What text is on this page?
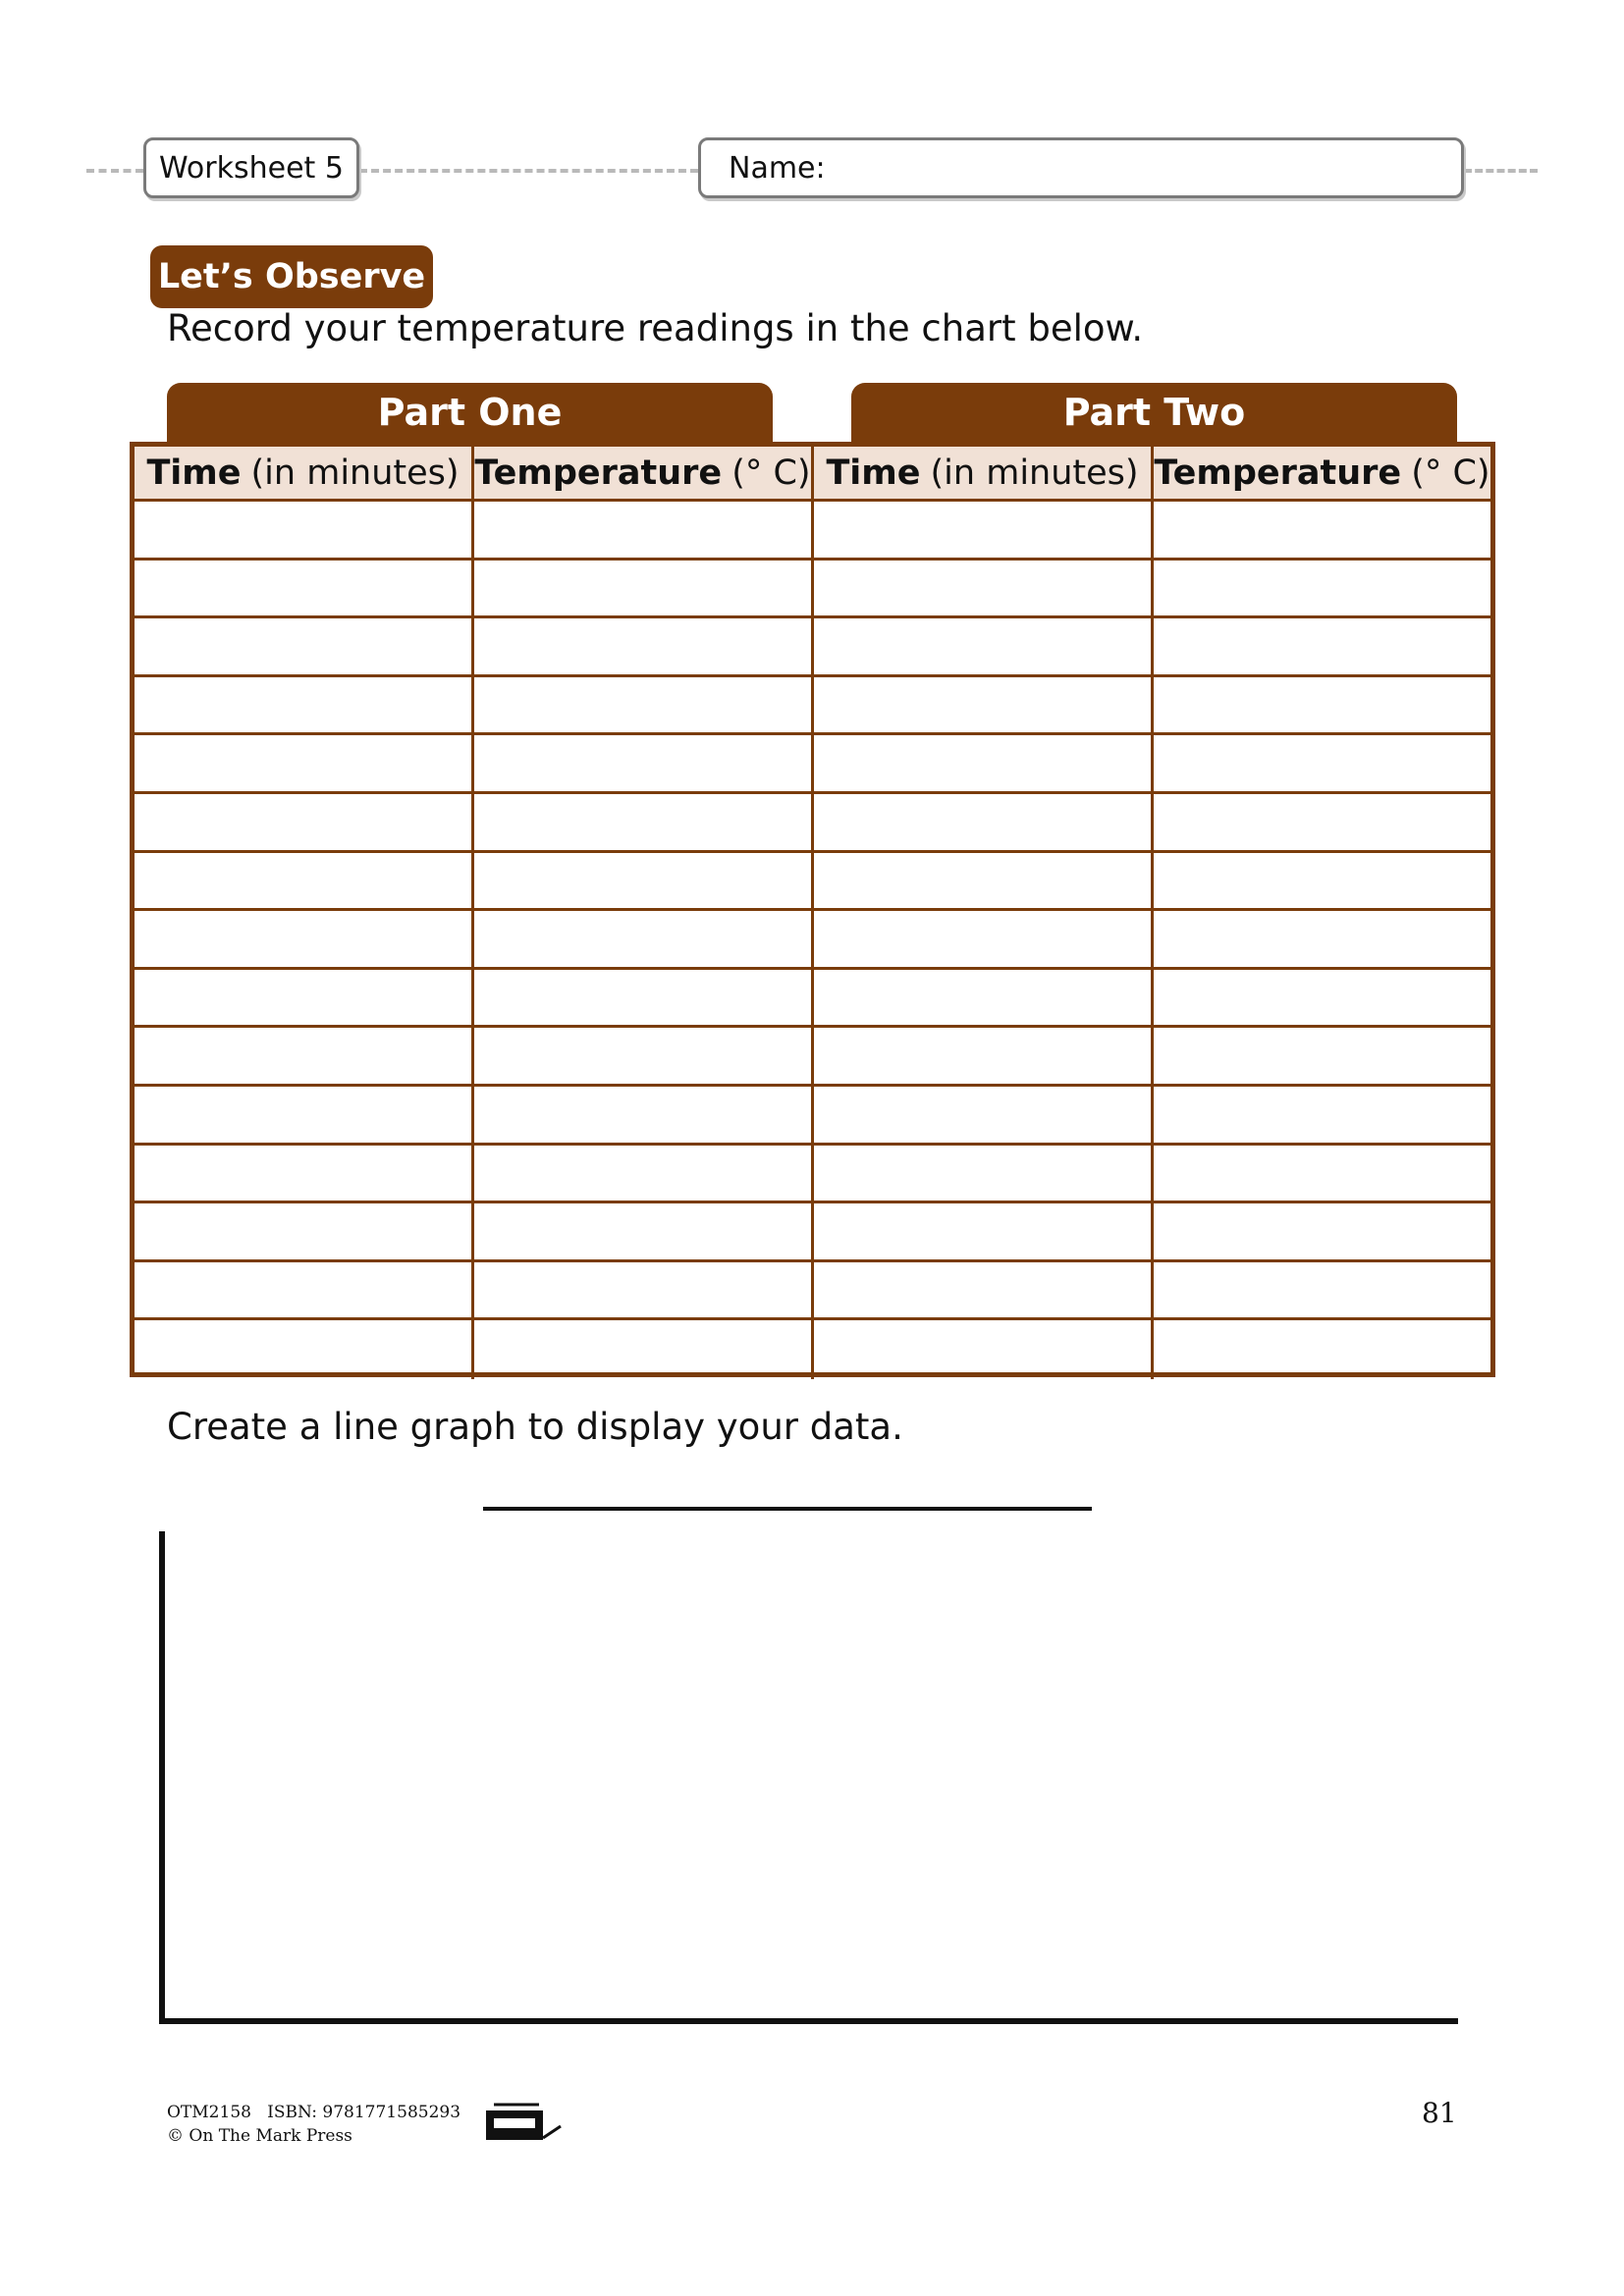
Worksheet 5	Name:
Let’s Observe
Record your temperature readings in the chart below.
Part One	Part Two
Time (in minutes) Temperature (° C) Time (in minutes) Temperature (° C)
Create a line graph to display your data.
OTM2158   ISBN: 9781771585293
© On The Mark Press
81
